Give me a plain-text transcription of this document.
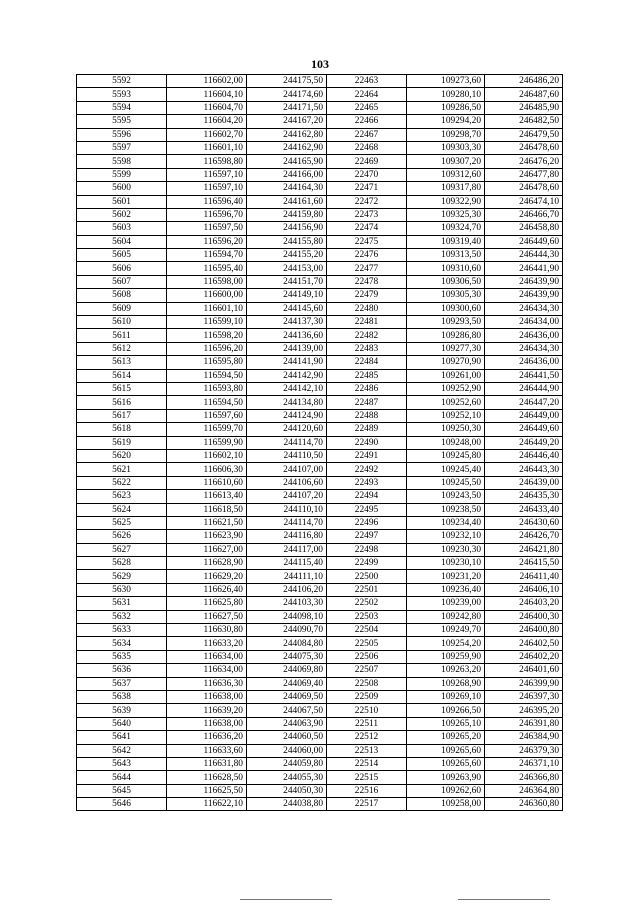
103
5592	116602,00	244175,50	22463	109273,60	246486,20
5593	116604,10	244174,60	22464	109280,10	246487,60
5594	116604,70	244171,50	22465	109286,50	246485,90
5595	116604,20	244167,20	22466	109294,20	246482,50
5596	116602,70	244162,80	22467	109298,70	246479,50
5597	116601,10	244162,90	22468	109303,30	246478,60
5598	116598,80	244165,90	22469	109307,20	246476,20
5599	116597,10	244166,00	22470	109312,60	246477,80
5600	116597,10	244164,30	22471	109317,80	246478,60
5601	116596,40	244161,60	22472	109322,90	246474,10
5602	116596,70	244159,80	22473	109325,30	246466,70
5603	116597,50	244156,90	22474	109324,70	246458,80
5604	116596,20	244155,80	22475	109319,40	246449,60
5605	116594,70	244155,20	22476	109313,50	246444,30
5606	116595,40	244153,00	22477	109310,60	246441,90
5607	116598,00	244151,70	22478	109306,50	246439,90
5608	116600,00	244149,10	22479	109305,30	246439,90
5609	116601,10	244145,60	22480	109300,60	246434,30
5610	116599,10	244137,30	22481	109293,50	246434,00
5611	116598,20	244136,60	22482	109286,80	246436,00
5612	116596,20	244139,00	22483	109277,30	246434,30
5613	116595,80	244141,90	22484	109270,90	246436,00
5614	116594,50	244142,90	22485	109261,00	246441,50
5615	116593,80	244142,10	22486	109252,90	246444,90
5616	116594,50	244134,80	22487	109252,60	246447,20
5617	116597,60	244124,90	22488	109252,10	246449,00
5618	116599,70	244120,60	22489	109250,30	246449,60
5619	116599,90	244114,70	22490	109248,00	246449,20
5620	116602,10	244110,50	22491	109245,80	246446,40
5621	116606,30	244107,00	22492	109245,40	246443,30
5622	116610,60	244106,60	22493	109245,50	246439,00
5623	116613,40	244107,20	22494	109243,50	246435,30
5624	116618,50	244110,10	22495	109238,50	246433,40
5625	116621,50	244114,70	22496	109234,40	246430,60
5626	116623,90	244116,80	22497	109232,10	246426,70
5627	116627,00	244117,00	22498	109230,30	246421,80
5628	116628,90	244115,40	22499	109230,10	246415,50
5629	116629,20	244111,10	22500	109231,20	246411,40
5630	116626,40	244106,20	22501	109236,40	246406,10
5631	116625,80	244103,30	22502	109239,00	246403,20
5632	116627,50	244098,10	22503	109242,80	246400,30
5633	116630,80	244090,70	22504	109249,70	246400,80
5634	116633,20	244084,80	22505	109254,20	246402,50
5635	116634,00	244075,30	22506	109259,90	246402,20
5636	116634,00	244069,80	22507	109263,20	246401,60
5637	116636,30	244069,40	22508	109268,90	246399,90
5638	116638,00	244069,50	22509	109269,10	246397,30
5639	116639,20	244067,50	22510	109266,50	246395,20
5640	116638,00	244063,90	22511	109265,10	246391,80
5641	116636,20	244060,50	22512	109265,20	246384,90
5642	116633,60	244060,00	22513	109265,60	246379,30
5643	116631,80	244059,80	22514	109265,60	246371,10
5644	116628,50	244055,30	22515	109263,90	246366,80
5645	116625,50	244050,30	22516	109262,60	246364,80
5646	116622,10	244038,80	22517	109258,00	246360,80
